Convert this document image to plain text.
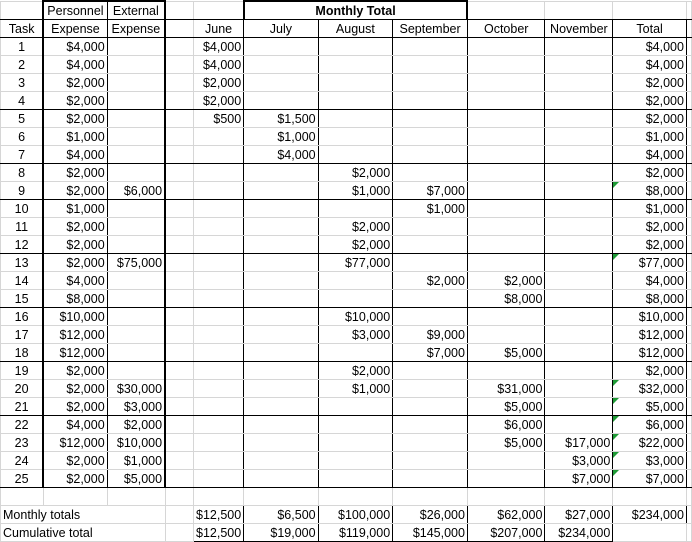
	Personnel	External			Monthly Total						
Task	Expense	Expense		June	July	August	September	October	November	Total	
1	$4,000			$4,000						$4,000	
2	$4,000			$4,000						$4,000	
3	$2,000			$2,000						$2,000	
4	$2,000			$2,000						$2,000	
5	$2,000			$500	$1,500					$2,000	
6	$1,000				$1,000					$1,000	
7	$4,000				$4,000					$4,000	
8	$2,000					$2,000				$2,000	
9	$2,000	$6,000				$1,000	$7,000			$8,000	
10	$1,000						$1,000			$1,000	
11	$2,000					$2,000				$2,000	
12	$2,000					$2,000				$2,000	
13	$2,000	$75,000				$77,000				$77,000	
14	$4,000						$2,000	$2,000		$4,000	
15	$8,000							$8,000		$8,000	
16	$10,000					$10,000				$10,000	
17	$12,000					$3,000	$9,000			$12,000	
18	$12,000						$7,000	$5,000		$12,000	
19	$2,000					$2,000				$2,000	
20	$2,000	$30,000				$1,000		$31,000		$32,000	
21	$2,000	$3,000						$5,000		$5,000	
22	$4,000	$2,000						$6,000		$6,000	
23	$12,000	$10,000						$5,000	$17,000	$22,000	
24	$2,000	$1,000							$3,000	$3,000	
25	$2,000	$5,000							$7,000	$7,000	

Monthly totals				$12,500	$6,500	$100,000	$26,000	$62,000	$27,000	$234,000	
Cumulative total				$12,500	$19,000	$119,000	$145,000	$207,000	$234,000		
